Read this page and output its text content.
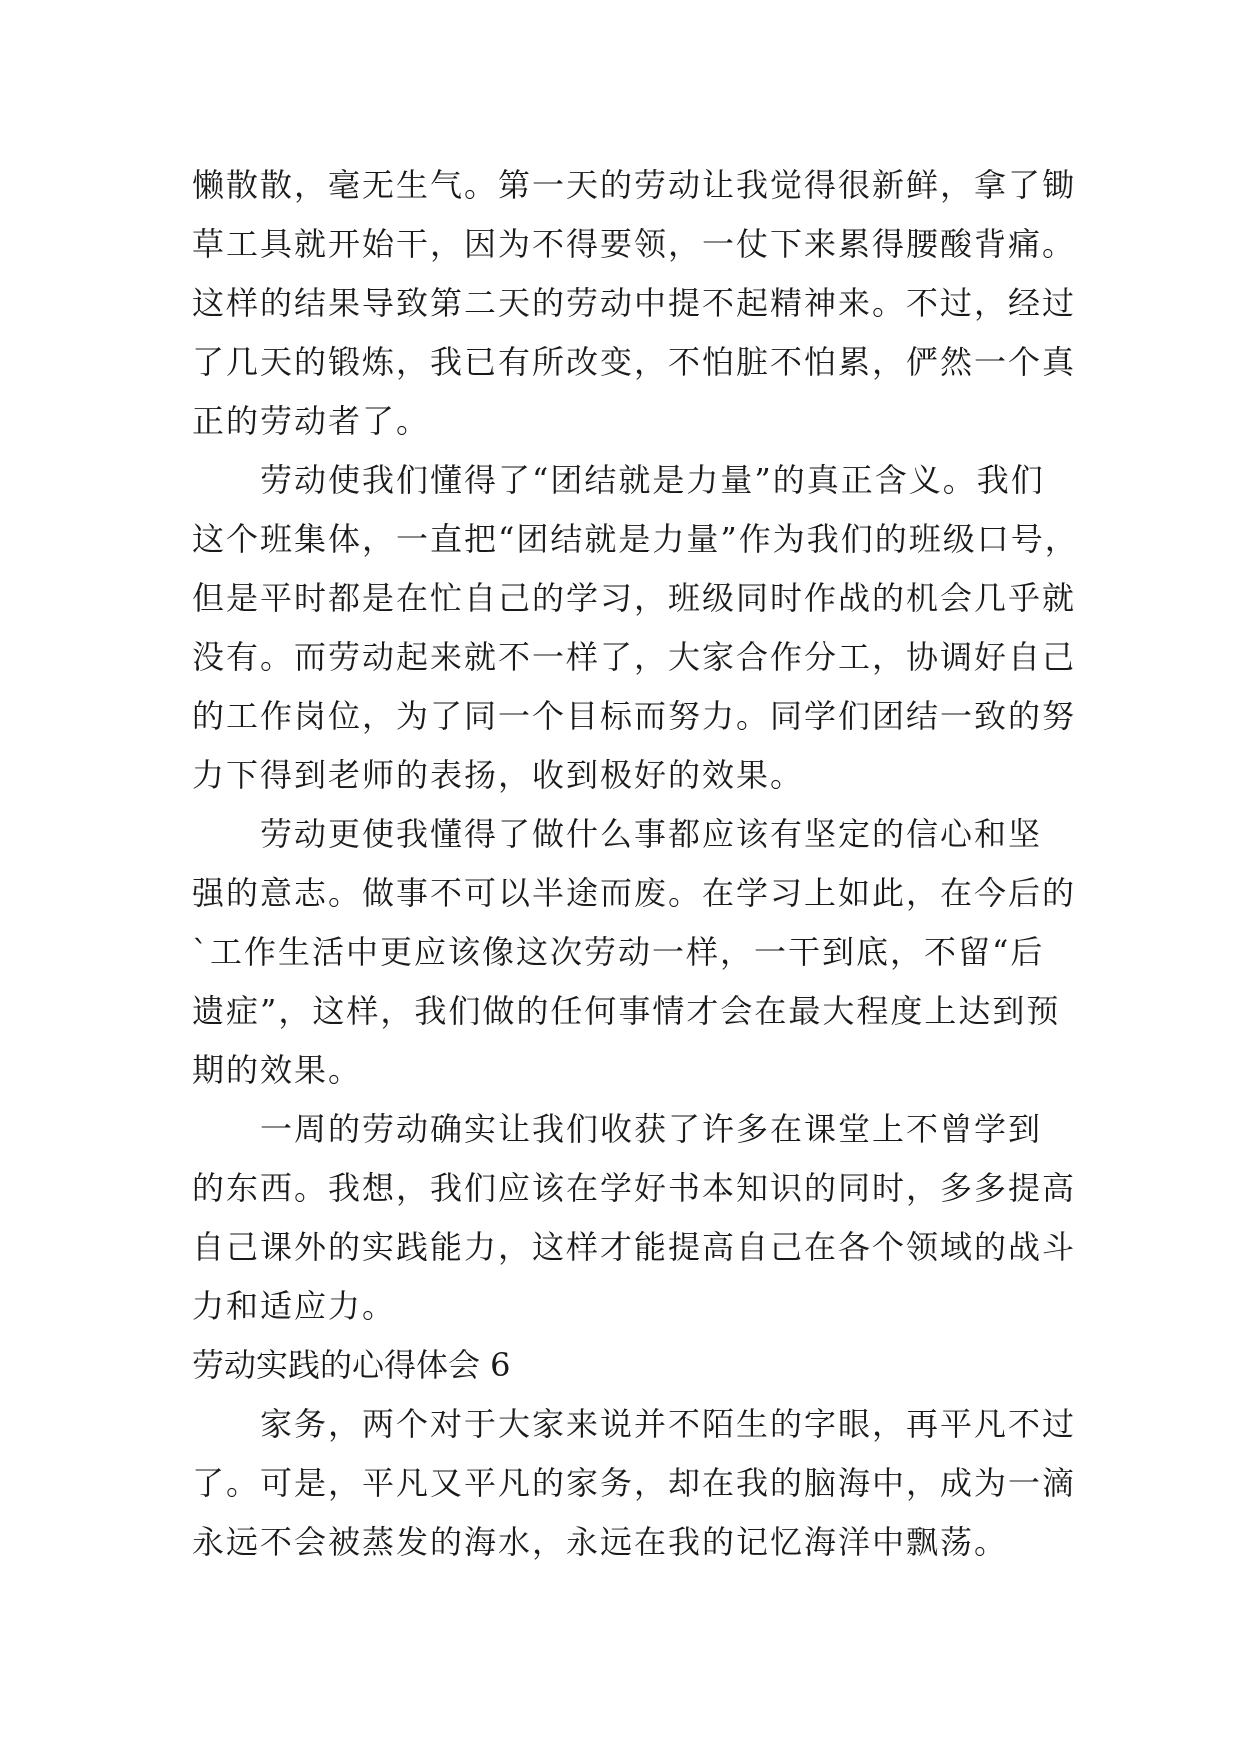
懒散散，毫无生气。第一天的劳动让我觉得很新鲜，拿了锄
草工具就开始干，因为不得要领，一仗下来累得腰酸背痛。
这样的结果导致第二天的劳动中提不起精神来。不过，经过
了几天的锻炼，我已有所改变，不怕脏不怕累，俨然一个真
正的劳动者了。
　　劳动使我们懂得了“团结就是力量”的真正含义。我们
这个班集体，一直把“团结就是力量”作为我们的班级口号，
但是平时都是在忙自己的学习，班级同时作战的机会几乎就
没有。而劳动起来就不一样了，大家合作分工，协调好自己
的工作岗位，为了同一个目标而努力。同学们团结一致的努
力下得到老师的表扬，收到极好的效果。
　　劳动更使我懂得了做什么事都应该有坚定的信心和坚
强的意志。做事不可以半途而废。在学习上如此，在今后的
`工作生活中更应该像这次劳动一样，一干到底，不留“后
遗症”，这样，我们做的任何事情才会在最大程度上达到预
期的效果。
　　一周的劳动确实让我们收获了许多在课堂上不曾学到
的东西。我想，我们应该在学好书本知识的同时，多多提高
自己课外的实践能力，这样才能提高自己在各个领域的战斗
力和适应力。
劳动实践的心得体会 6
　　家务，两个对于大家来说并不陌生的字眼，再平凡不过
了。可是，平凡又平凡的家务，却在我的脑海中，成为一滴
永远不会被蒸发的海水，永远在我的记忆海洋中飘荡。
